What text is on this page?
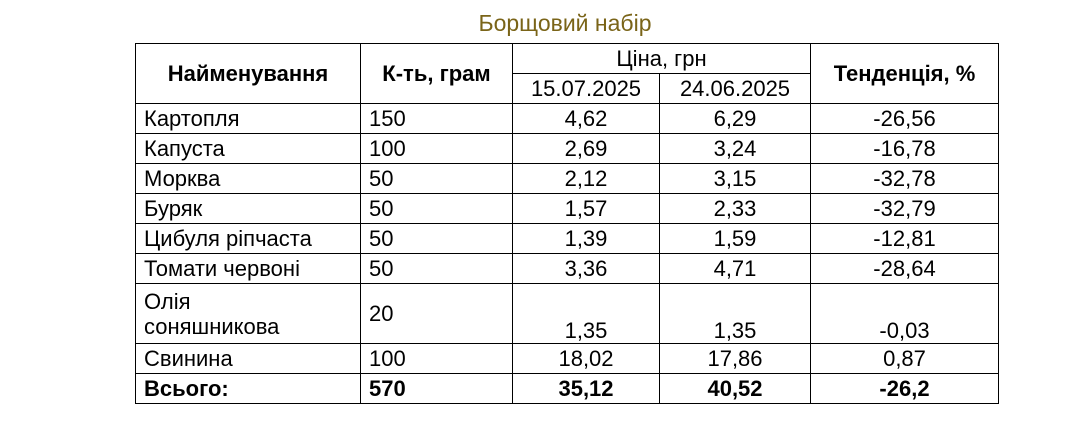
Борщовий набір
Найменування	К-ть, грам	Ціна, грн		Тенденція, %
		15.07.2025	24.06.2025	
Картопля	150	4,62	6,29	-26,56
Капуста	100	2,69	3,24	-16,78
Морква	50	2,12	3,15	-32,78
Буряк	50	1,57	2,33	-32,79
Цибуля ріпчаста	50	1,39	1,59	-12,81
Томати червоні	50	3,36	4,71	-28,64

Олія
соняшникова	20	1,35	1,35	-0,03
Свинина	100	18,02	17,86	0,87
Всього:	570	35,12	40,52	-26,2
